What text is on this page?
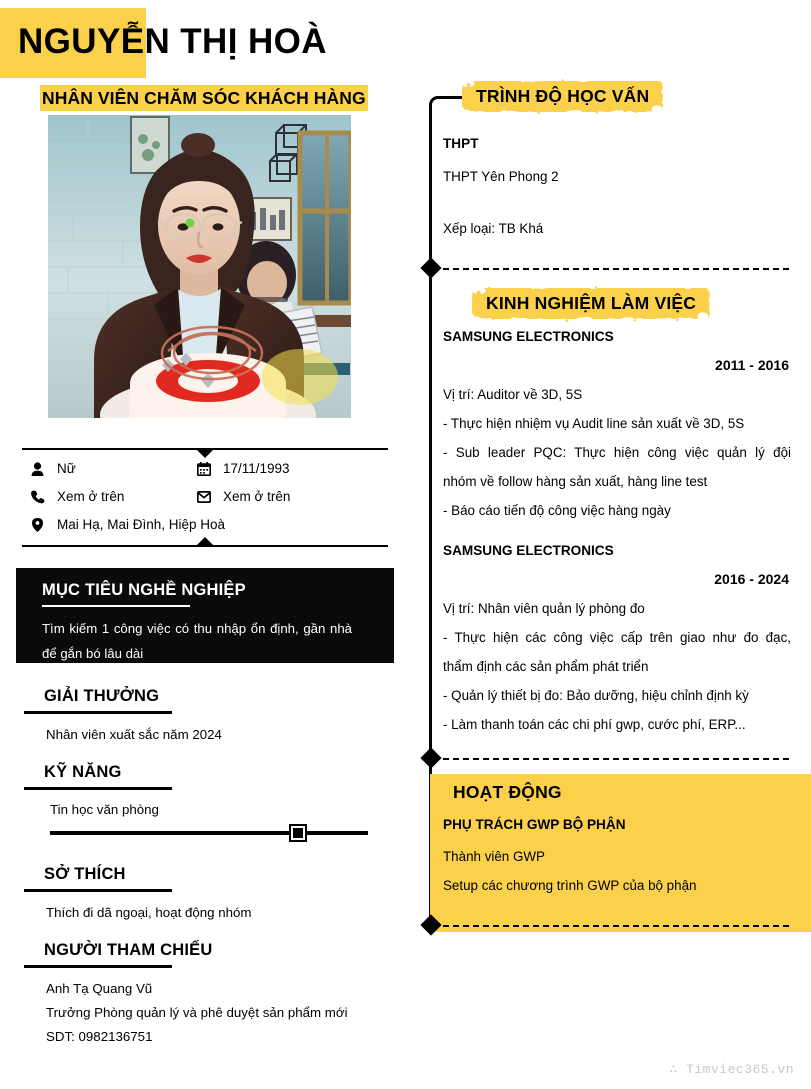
NGUYỄN THỊ HOÀ
NHÂN VIÊN CHĂM SÓC KHÁCH HÀNG
Nữ	17/11/1993
Xem ở trên	Xem ở trên
Mai Hạ, Mai Đình, Hiệp Hoà
MỤC TIÊU NGHỀ NGHIỆP
Tìm kiếm 1 công việc có thu nhập ổn định, gần nhà để gắn bó lâu dài
GIẢI THƯỞNG
Nhân viên xuất sắc năm 2024
KỸ NĂNG
Tin học văn phòng
SỞ THÍCH
Thích đi dã ngoại, hoạt động nhóm
NGƯỜI THAM CHIẾU
Anh Tạ Quang Vũ
Trưởng Phòng quản lý và phê duyệt sản phẩm mới
SDT: 0982136751
TRÌNH ĐỘ HỌC VẤN
THPT
THPT Yên Phong 2
Xếp loại: TB Khá
KINH NGHIỆM LÀM VIỆC
SAMSUNG ELECTRONICS
2011 - 2016
Vị trí: Auditor về 3D, 5S
- Thực hiện nhiệm vụ Audit line sản xuất về 3D, 5S
- Sub leader PQC: Thực hiện công việc quản lý đội
nhóm về follow hàng sản xuất, hàng line test
- Báo cáo tiến độ công việc hàng ngày
SAMSUNG ELECTRONICS
2016 - 2024
Vị trí: Nhân viên quản lý phòng đo
- Thực hiện các công việc cấp trên giao như đo đạc,
thẩm định các sản phẩm phát triển
- Quản lý thiết bị đo: Bảo dưỡng, hiệu chỉnh định kỳ
- Làm thanh toán các chi phí gwp, cước phí, ERP...
HOẠT ĐỘNG
PHỤ TRÁCH GWP BỘ PHẬN
Thành viên GWP
Setup các chương trình GWP của bộ phận
∴ Timviec365.vn
